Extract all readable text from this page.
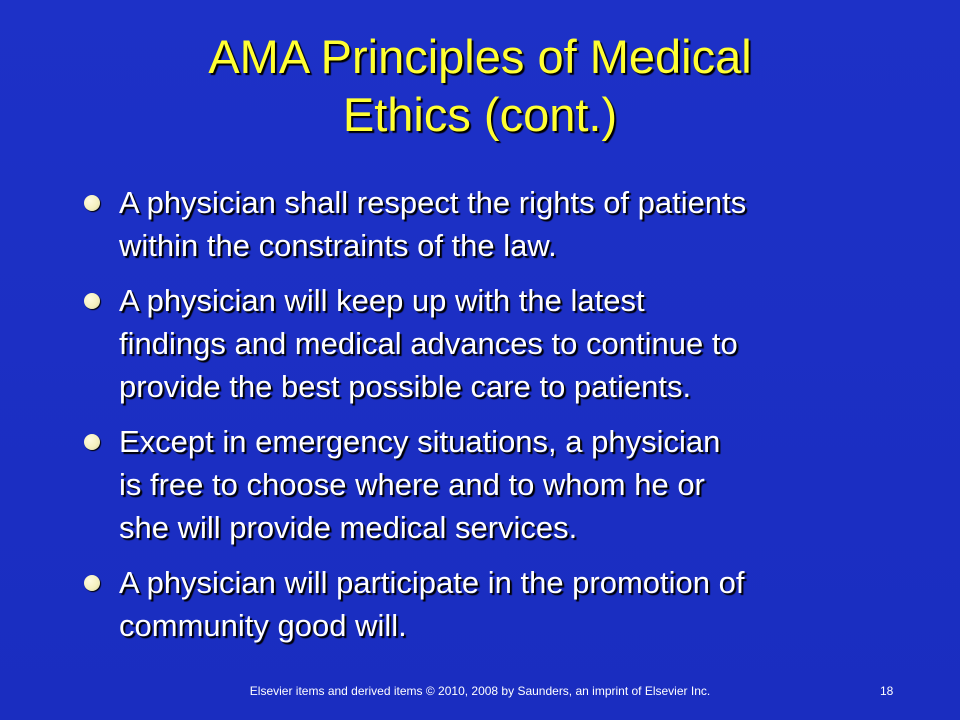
AMA Principles of Medical
Ethics (cont.)
A physician shall respect the rights of patients
within the constraints of the law.
A physician will keep up with the latest
findings and medical advances to continue to
provide the best possible care to patients.
Except in emergency situations, a physician
is free to choose where and to whom he or
she will provide medical services.
A physician will participate in the promotion of
community good will.
Elsevier items and derived items © 2010, 2008 by Saunders, an imprint of Elsevier Inc.	18
